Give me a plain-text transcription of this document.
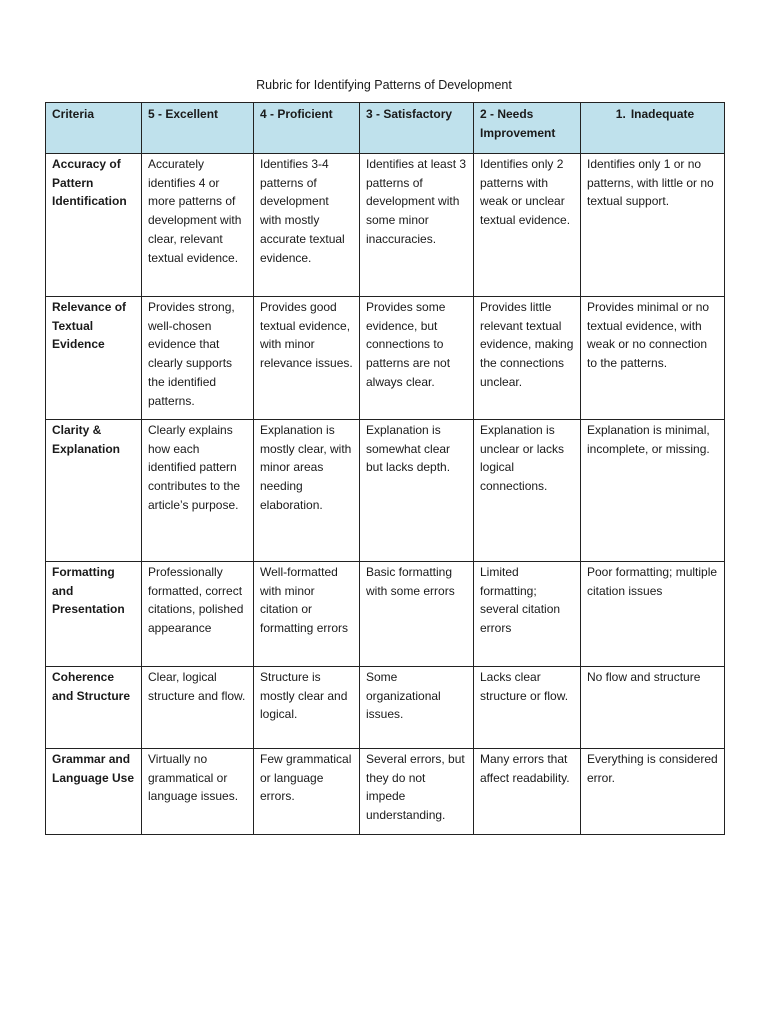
Rubric for Identifying Patterns of Development
Criteria	5 - Excellent	4 - Proficient	3 - Satisfactory	2 - Needs Improvement	1. Inadequate
Accuracy of Pattern Identification	Accurately identifies 4 or more patterns of development with clear, relevant textual evidence.	Identifies 3-4 patterns of development with mostly accurate textual evidence.	Identifies at least 3 patterns of development with some minor inaccuracies.	Identifies only 2 patterns with weak or unclear textual evidence.	Identifies only 1 or no patterns, with little or no textual support.
Relevance of Textual Evidence	Provides strong, well-chosen evidence that clearly supports the identified patterns.	Provides good textual evidence, with minor relevance issues.	Provides some evidence, but connections to patterns are not always clear.	Provides little relevant textual evidence, making the connections unclear.	Provides minimal or no textual evidence, with weak or no connection to the patterns.
Clarity & Explanation	Clearly explains how each identified pattern contributes to the article’s purpose.	Explanation is mostly clear, with minor areas needing elaboration.	Explanation is somewhat clear but lacks depth.	Explanation is unclear or lacks logical connections.	Explanation is minimal, incomplete, or missing.
Formatting and Presentation	Professionally formatted, correct citations, polished appearance	Well-formatted with minor citation or formatting errors	Basic formatting with some errors	Limited formatting; several citation errors	Poor formatting; multiple citation issues
Coherence and Structure	Clear, logical structure and flow.	Structure is mostly clear and logical.	Some organizational issues.	Lacks clear structure or flow.	No flow and structure
Grammar and Language Use	Virtually no grammatical or language issues.	Few grammatical or language errors.	Several errors, but they do not impede understanding.	Many errors that affect readability.	Everything is considered error.
